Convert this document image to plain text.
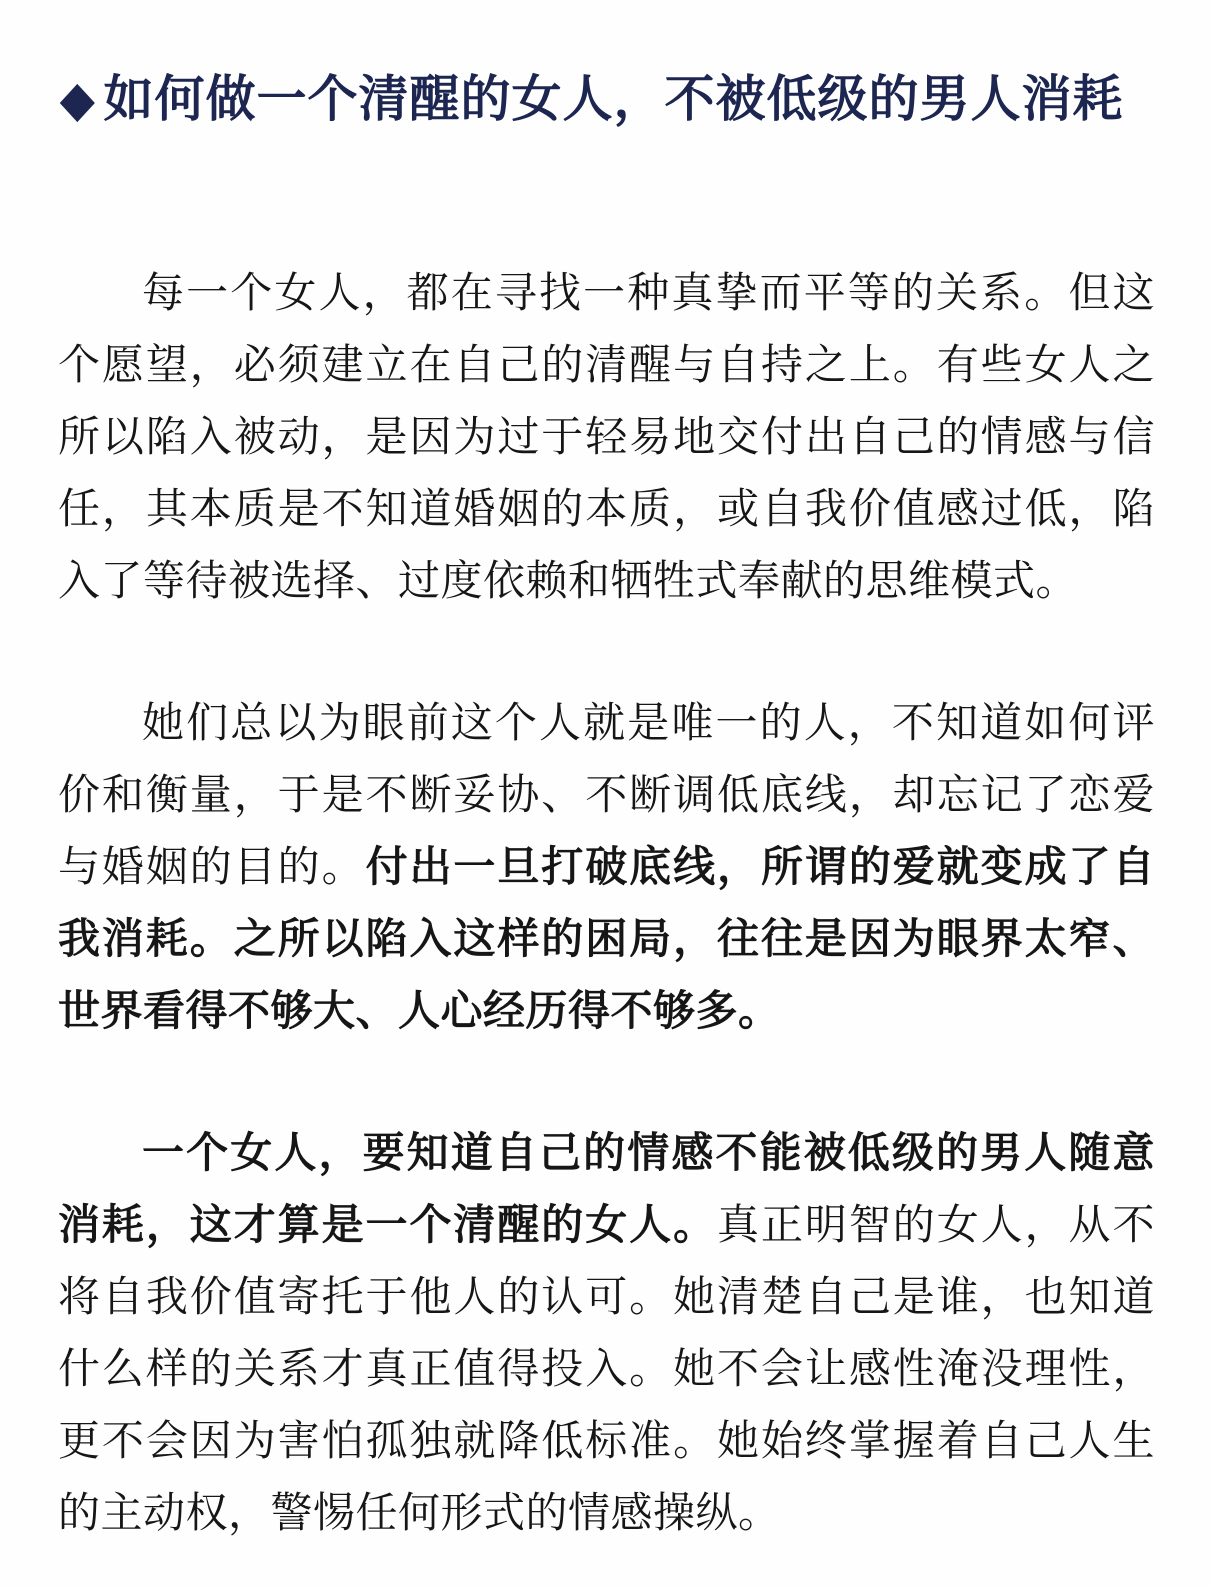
◆ 如何做一个清醒的女人，不被低级的男人消耗

每一个女人，都在寻找一种真挚而平等的关系。但这个愿望，必须建立在自己的清醒与自持之上。有些女人之所以陷入被动，是因为过于轻易地交付出自己的情感与信任，其本质是不知道婚姻的本质，或自我价值感过低，陷入了等待被选择、过度依赖和牺牲式奉献的思维模式。

她们总以为眼前这个人就是唯一的人，不知道如何评价和衡量，于是不断妥协、不断调低底线，却忘记了恋爱与婚姻的目的。付出一旦打破底线，所谓的爱就变成了自我消耗。之所以陷入这样的困局，往往是因为眼界太窄、世界看得不够大、人心经历得不够多。

一个女人，要知道自己的情感不能被低级的男人随意消耗，这才算是一个清醒的女人。真正明智的女人，从不将自我价值寄托于他人的认可。她清楚自己是谁，也知道什么样的关系才真正值得投入。她不会让感性淹没理性，更不会因为害怕孤独就降低标准。她始终掌握着自己人生的主动权，警惕任何形式的情感操纵。
